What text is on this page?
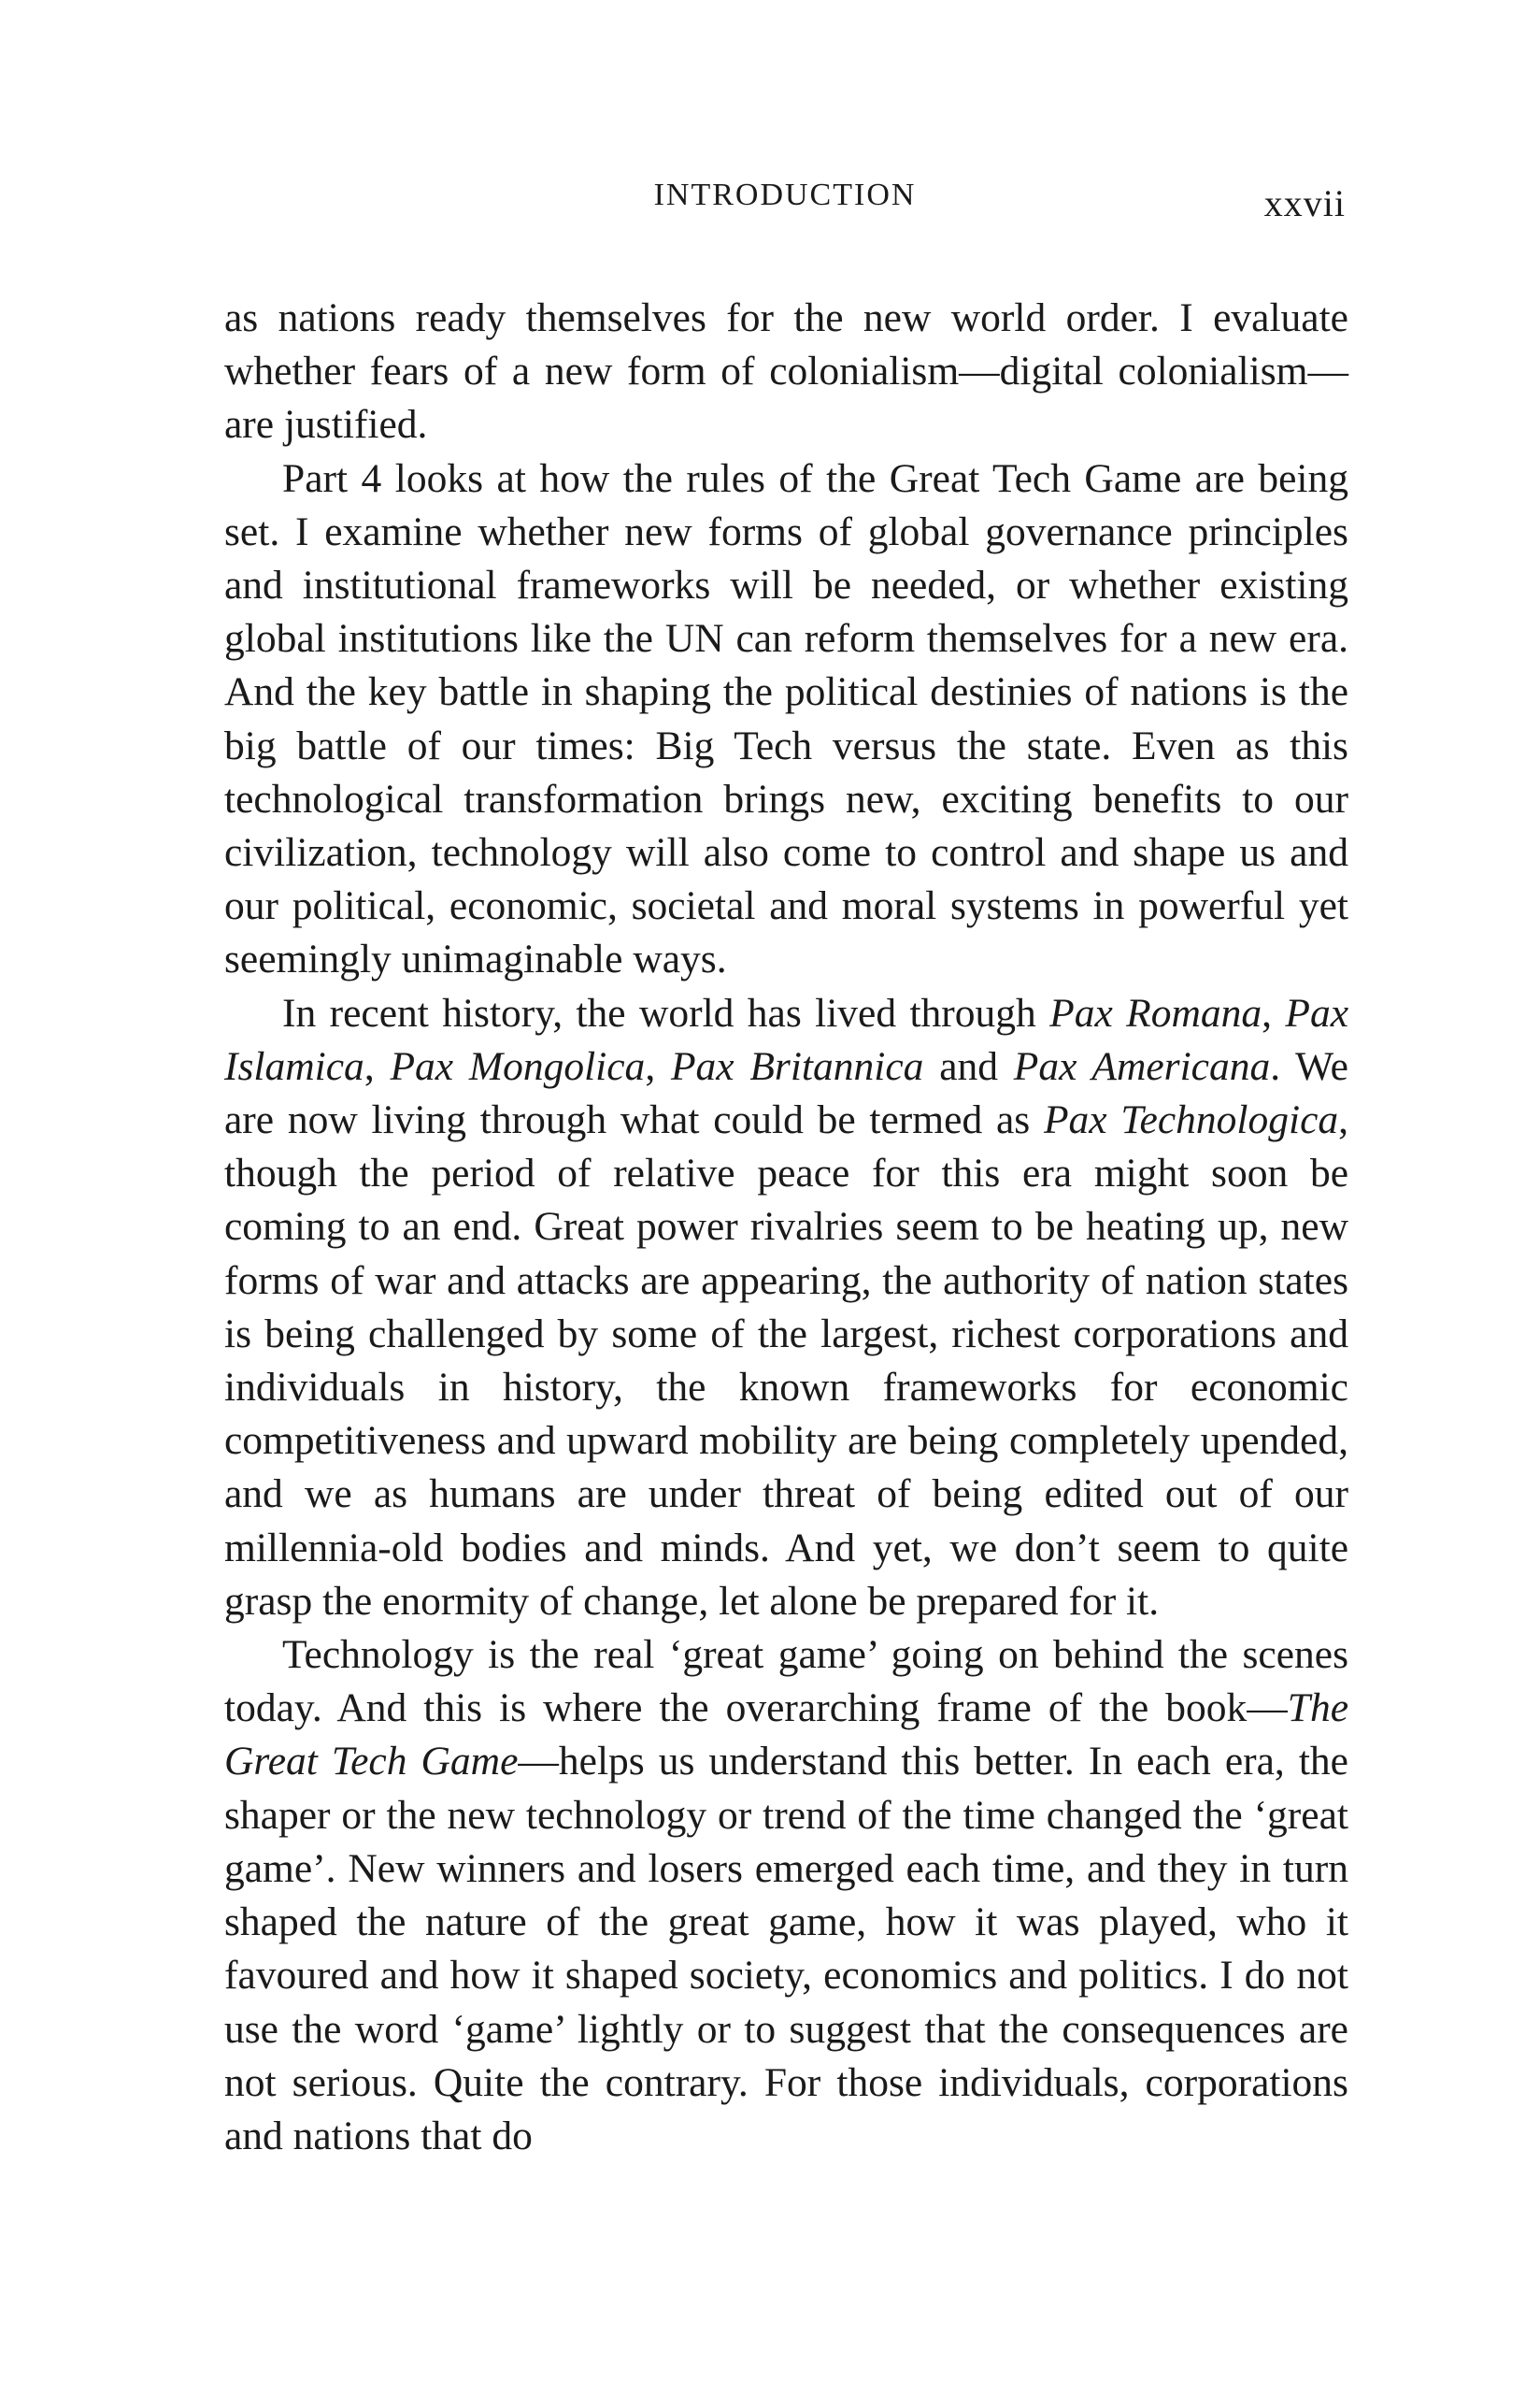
INTRODUCTION	xxvii

as nations ready themselves for the new world order. I evaluate whether fears of a new form of colonialism—digital colonialism—are justified.

Part 4 looks at how the rules of the Great Tech Game are being set. I examine whether new forms of global governance principles and institutional frameworks will be needed, or whether existing global institutions like the UN can reform themselves for a new era. And the key battle in shaping the political destinies of nations is the big battle of our times: Big Tech versus the state. Even as this technological transformation brings new, exciting benefits to our civilization, technology will also come to control and shape us and our political, economic, societal and moral systems in powerful yet seemingly unimaginable ways.

In recent history, the world has lived through Pax Romana, Pax Islamica, Pax Mongolica, Pax Britannica and Pax Americana. We are now living through what could be termed as Pax Technologica, though the period of relative peace for this era might soon be coming to an end. Great power rivalries seem to be heating up, new forms of war and attacks are appearing, the authority of nation states is being challenged by some of the largest, richest corporations and individuals in history, the known frameworks for economic competitiveness and upward mobility are being completely upended, and we as humans are under threat of being edited out of our millennia-old bodies and minds. And yet, we don’t seem to quite grasp the enormity of change, let alone be prepared for it.

Technology is the real ‘great game’ going on behind the scenes today. And this is where the overarching frame of the book—The Great Tech Game—helps us understand this better. In each era, the shaper or the new technology or trend of the time changed the ‘great game’. New winners and losers emerged each time, and they in turn shaped the nature of the great game, how it was played, who it favoured and how it shaped society, economics and politics. I do not use the word ‘game’ lightly or to suggest that the consequences are not serious. Quite the contrary. For those individuals, corporations and nations that do
